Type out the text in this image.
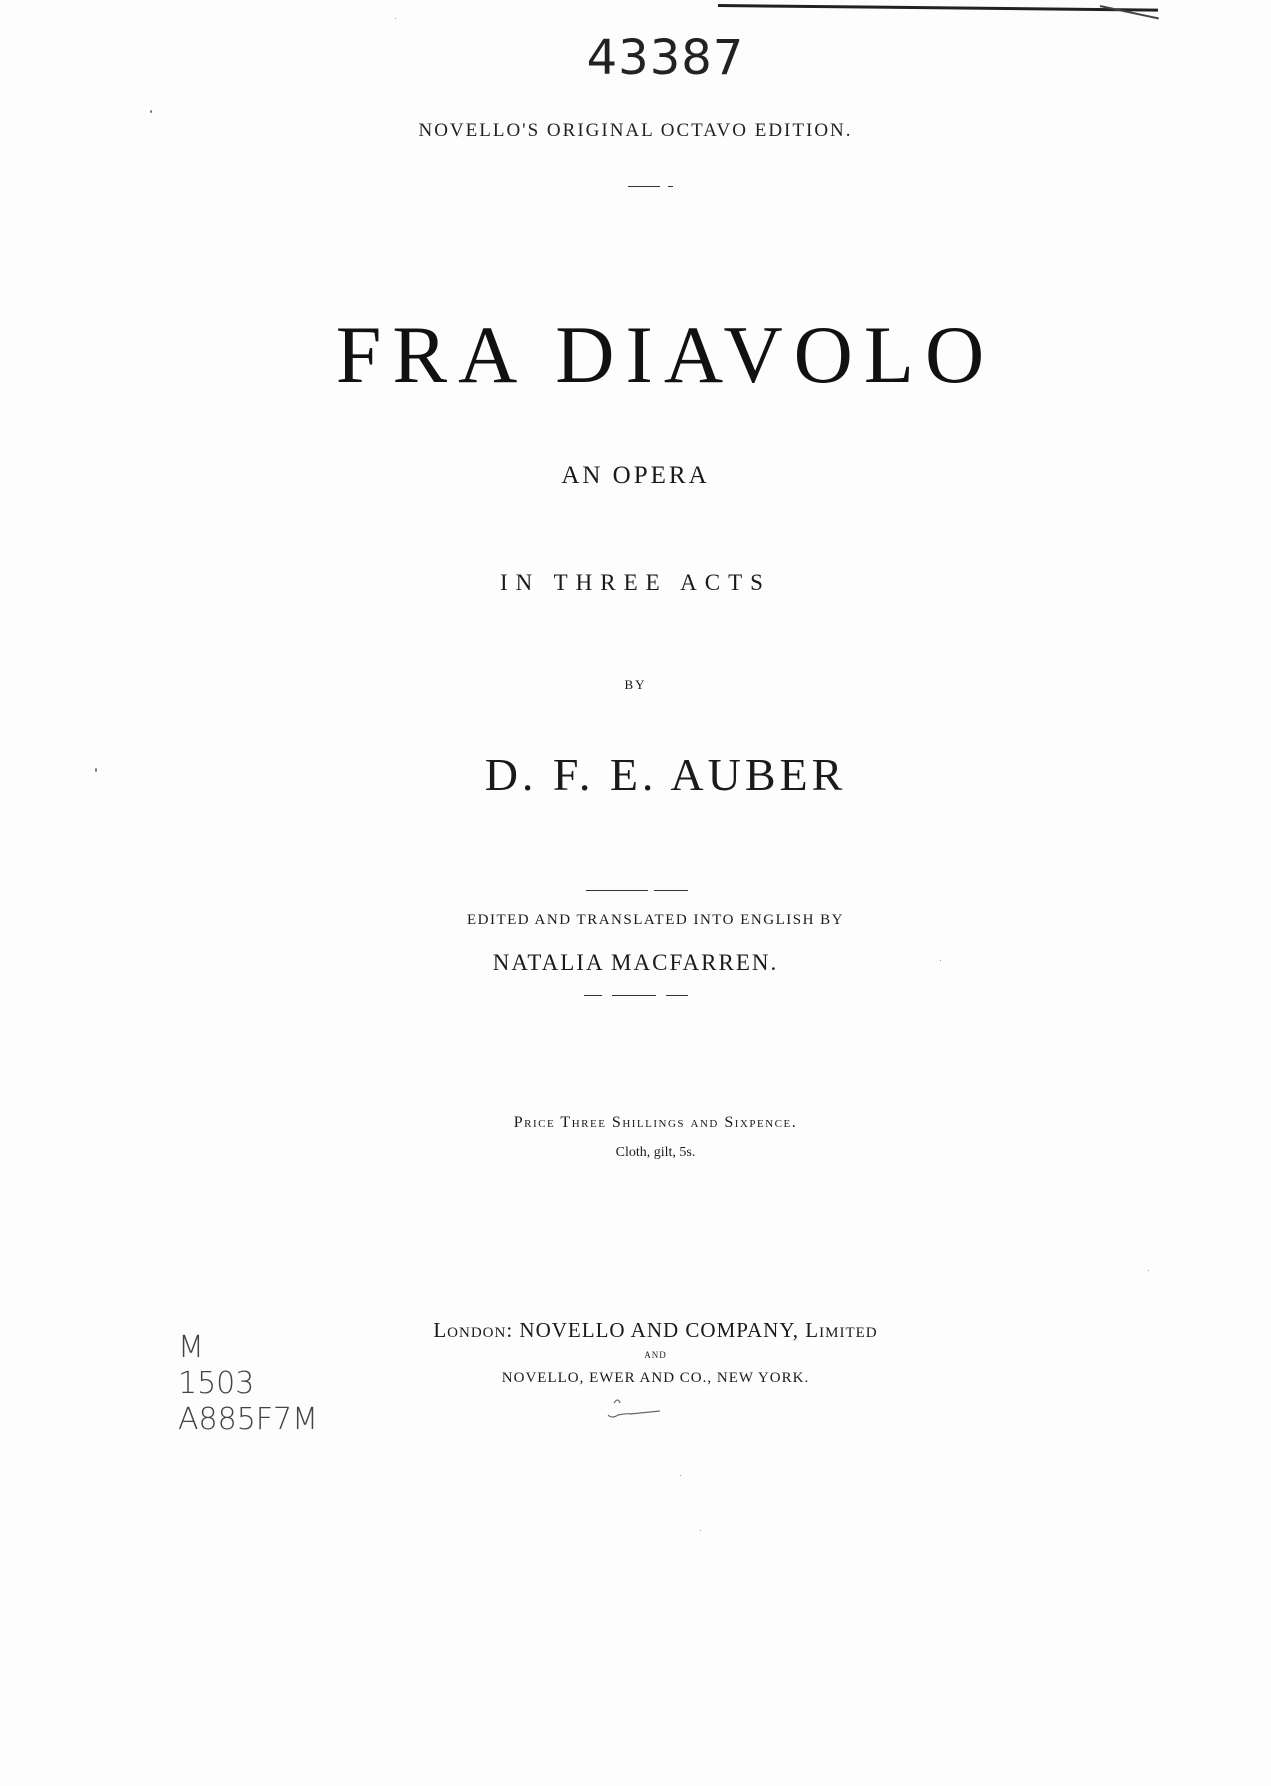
43387
NOVELLO'S ORIGINAL OCTAVO EDITION.
FRA DIAVOLO
AN OPERA
IN THREE ACTS
BY
D. F. E. AUBER
EDITED AND TRANSLATED INTO ENGLISH BY
NATALIA MACFARREN.
Price Three Shillings and Sixpence.
Cloth, gilt, 5s.
London: NOVELLO AND COMPANY, Limited
AND
NOVELLO, EWER AND CO., NEW YORK.
M
1503
A885F7M
